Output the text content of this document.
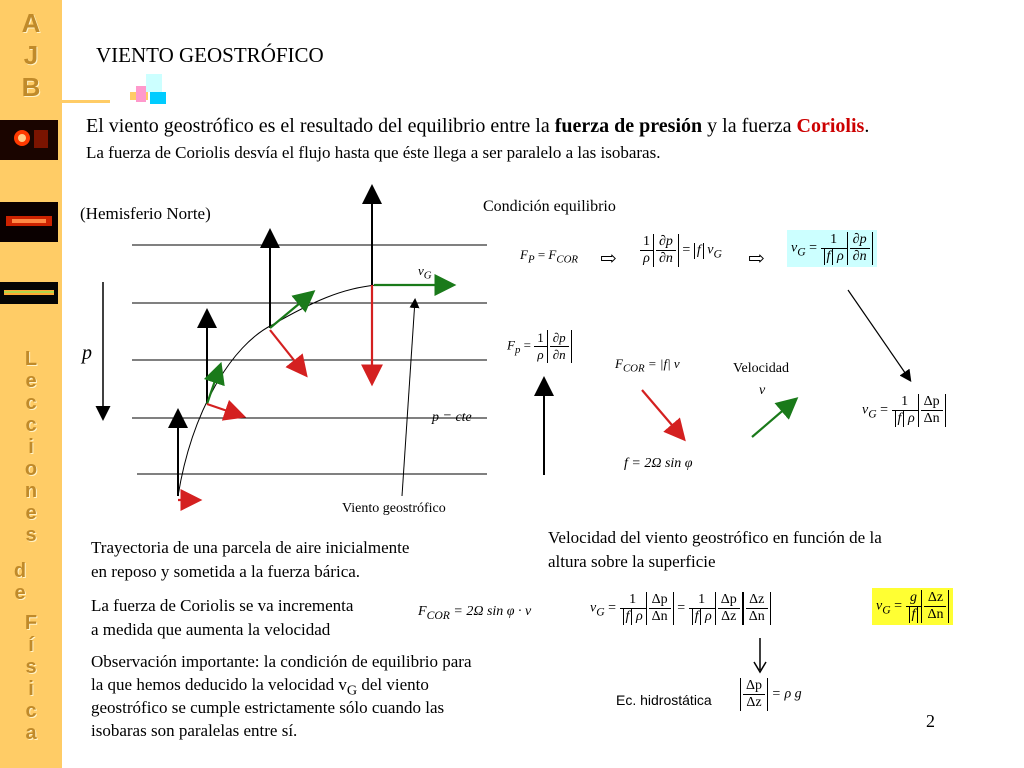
A
J
B
L
e
c
c
i
o
n
e
s
d
e
F
í
s
i
c
a
VIENTO GEOSTRÓFICO
El viento geostrófico es el resultado del equilibrio entre la fuerza de presión y la fuerza Coriolis.
La fuerza de Coriolis desvía el flujo hasta que éste llega a ser paralelo a las isobaras.
(Hemisferio Norte)
p
$v_G$
p = cte
Viento geostrófico
Condición equilibrio
$F_P = F_{COR}$ ⇨ $\frac{1}{\rho} \frac{\partial p}{\partial n} = f$ $v_G$ ⇨ $v_G = \frac{1}{\text{f ρ}} \frac{\partial p}{\partial n}$
$F_p = \frac{1}{\rho} \frac{\partial p}{\partial n}$
$F_{COR} = |f|$ v	Velocidad
v
f = 2Ω sin φ
$v_G = \frac{1}{\text{f ρ}} \frac{\Delta p}{\Delta n}$
Trayectoria de una parcela de aire inicialmente
en reposo y sometida a la fuerza bárica.
La fuerza de Coriolis se va incrementa
a medida que aumenta la velocidad
$F_{COR} = 2\Omega$ sin φ · v
Observación importante: la condición de equilibrio para
la que hemos deducido la velocidad $v_G$ del viento
geostrófico se cumple estrictamente sólo cuando las
isobaras son paralelas entre sí.
Velocidad del viento geostrófico en función de la
altura sobre la superficie
$v_G = \frac{1}{\text{f ρ}} \frac{\Delta p}{\Delta n} = \frac{1}{\text{f ρ}} \frac{\Delta p}{\Delta z} \frac{\Delta z}{\Delta n}$	$v_G = \frac{g}{f} \frac{\Delta z}{\Delta n}$
Ec. hidrostática $\frac{\Delta p}{\Delta z} = \rho$ g
2
